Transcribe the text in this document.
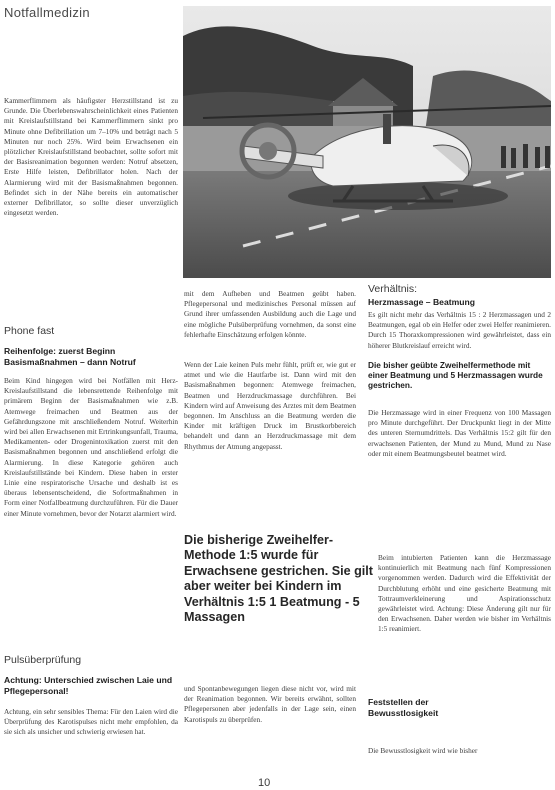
Notfallmedizin

Kammerflimmern als häufigster Herzstillstand ist zu Grunde. Die Überlebenswahrscheinlichkeit eines Patienten mit Kreislaufstillstand bei Kammerflimmern sinkt pro Minute ohne Defibrillation um 7–10% und beträgt nach 5 Minuten nur noch 25%. Wird beim Erwachsenen ein plötzlicher Kreislaufstillstand beobachtet, sollte sofort mit der Basisreanimation begonnen werden: Notruf absetzen, Erste Hilfe leisten, Defibrillator holen. Nach der Alarmierung wird mit der Basismaßnahmen begonnen. Befindet sich in der Nähe bereits ein automatischer externer Defibrillator, so sollte dieser unverzüglich eingesetzt werden.

Phone fast

Reihenfolge: zuerst Beginn Basismaßnahmen – dann Notruf

Beim Kind hingegen wird bei Notfällen mit Herz-Kreislaufstillstand die lebensrettende Reihenfolge mit primärem Beginn der Basismaßnahmen wie z.B. Atemwege freimachen und Beatmen aus der Gefährdungszone mit anschließendem Notruf. Weiterhin wird bei allen Erwachsenen mit Ertrinkungsunfall, Trauma, Medikamenten- oder Drogenintoxikation zuerst mit den Basismaßnahmen begonnen und anschließend erfolgt die Alarmierung. In diese Kategorie gehören auch Kreislaufstillstände bei Kindern. Diese haben in erster Linie eine respiratorische Ursache und deshalb ist es überaus lebensentscheidend, die Sofortmaßnahmen in Form einer Notfallbeatmung durchzuführen. Für die Dauer einer Minute vornehmen, bevor der Notarzt alarmiert wird.

Pulsüberprüfung

Achtung: Unterschied zwischen Laie und Pflegepersonal!

Achtung, ein sehr sensibles Thema: Für den Laien wird die Überprüfung des Karotispulses nicht mehr empfohlen, da sie sich als unsicher und schwierig erwiesen hat.

mit dem Aufheben und Beatmen geübt haben. Pflegepersonal und medizinisches Personal müssen auf Grund ihrer umfassenden Ausbildung auch die Lage und eine mögliche Pulsüberprüfung vornehmen, da sonst eine fehlerhafte Einschätzung erfolgen könnte.

Wenn der Laie keinen Puls mehr fühlt, prüft er, wie gut er atmet und wie die Hautfarbe ist. Dann wird mit den Basismaßnahmen begonnen: Atemwege freimachen, Beatmen und Herzdruckmassage durchführen. Bei Kindern wird auf Anweisung des Arztes mit dem Beatmen begonnen. Im Anschluss an die Beatmung werden die Kinder mit kräftigen Druck im Brustkorbbereich behandelt und dann an Herzdruckmassage mit dem Rhythmus der Atmung angepasst.

Die bisherige Zweihelfer-Methode 1:5 wurde für Erwachsene gestrichen. Sie gilt aber weiter bei Kindern im Verhältnis 1:5 1 Beatmung - 5 Massagen

und Spontanbewegungen liegen diese nicht vor, wird mit der Reanimation begonnen. Wir bereits erwähnt, sollten Pflegepersonen aber jedenfalls in der Lage sein, einen Karotispuls zu überprüfen.

Verhältnis:

Herzmassage – Beatmung

Es gilt nicht mehr das Verhältnis 15 : 2 Herzmassagen und 2 Beatmungen, egal ob ein Helfer oder zwei Helfer reanimieren. Durch 15 Thoraxkompressionen wird gewährleistet, dass ein höherer Blutkreislauf erreicht wird.

Die bisher geübte Zweihelfermethode mit einer Beatmung und 5 Herzmassagen wurde gestrichen.

Die Herzmassage wird in einer Frequenz von 100 Massagen pro Minute durchgeführt. Der Druckpunkt liegt in der Mitte des unteren Sternumdrittels. Das Verhältnis 15:2 gilt für den erwachsenen Patienten, der Mund zu Mund, Mund zu Nase oder mit einem Beatmungsbeutel beatmet wird.

Beim intubierten Patienten kann die Herzmassage kontinuierlich mit Beatmung nach fünf Kompressionen vorgenommen werden. Dadurch wird die Effektivität der Durchblutung erhöht und eine gesicherte Beatmung mit Tottraumverkleinerung und Aspirationsschutz gewährleistet wird. Achtung: Diese Änderung gilt nur für den Erwachsenen. Daher werden wie bisher im Verhältnis 1:5 reanimiert.

Feststellen der Bewusstlosigkeit

Die Bewusstlosigkeit wird wie bisher

10
